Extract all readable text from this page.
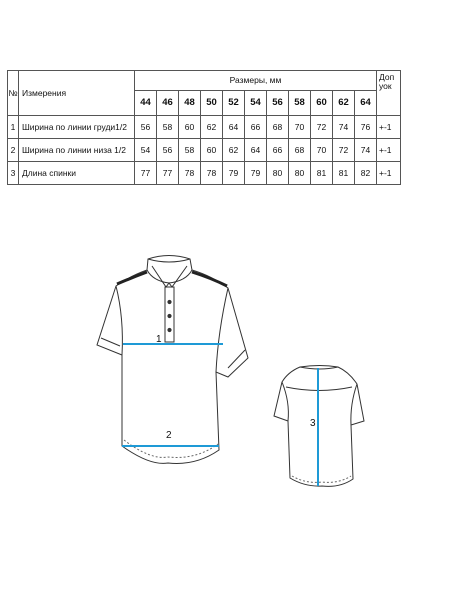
№	Измерения	Размеры, мм											Доп
уок
		44	46	48	50	52	54	56	58	60	62	64	
1	Ширина по линии груди1/2	56	58	60	62	64	66	68	70	72	74	76	+-1
2	Ширина по линии низа 1/2	54	56	58	60	62	64	66	68	70	72	74	+-1
3	Длина спинки	77	77	78	78	79	79	80	80	81	81	82	+-1
1
2
3
